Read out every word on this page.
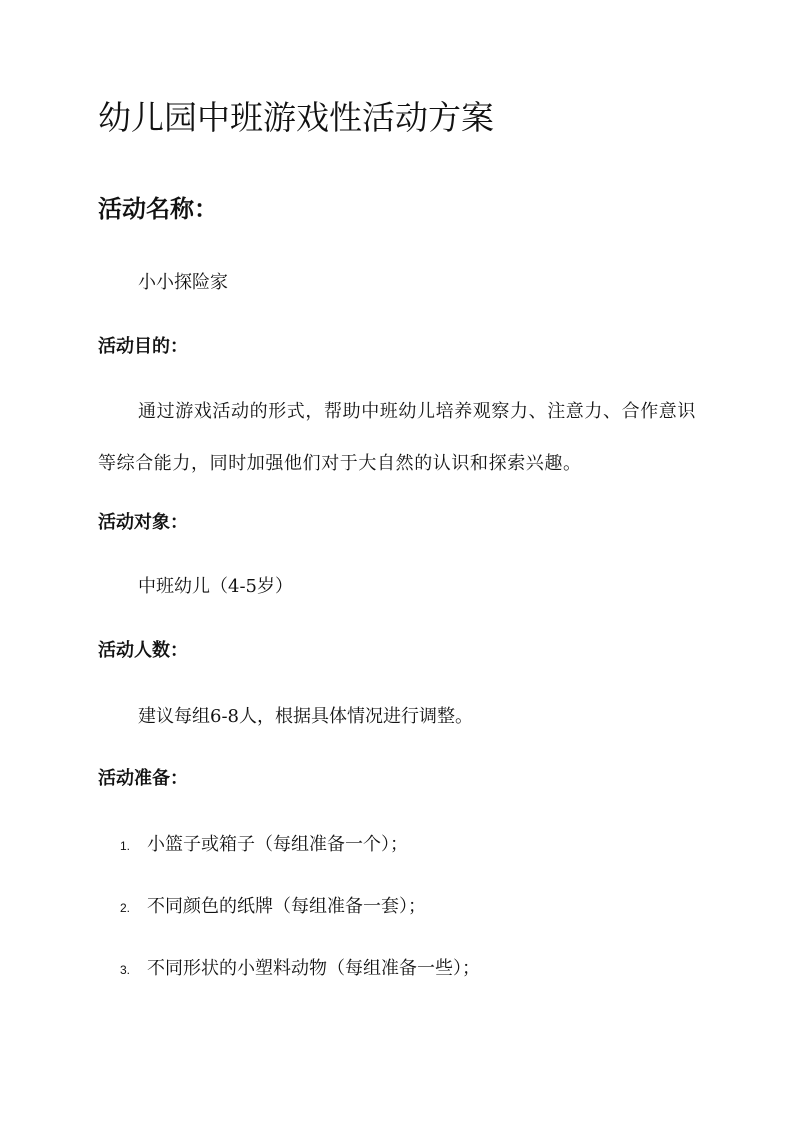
幼儿园中班游戏性活动方案
活动名称：

小小探险家

活动目的：

通过游戏活动的形式，帮助中班幼儿培养观察力、注意力、合作意识等综合能力，同时加强他们对于大自然的认识和探索兴趣。

活动对象：

中班幼儿（4-5岁）

活动人数：

建议每组6-8人，根据具体情况进行调整。

活动准备：
1. 小篮子或箱子（每组准备一个）；
2. 不同颜色的纸牌（每组准备一套）；
3. 不同形状的小塑料动物（每组准备一些）；
